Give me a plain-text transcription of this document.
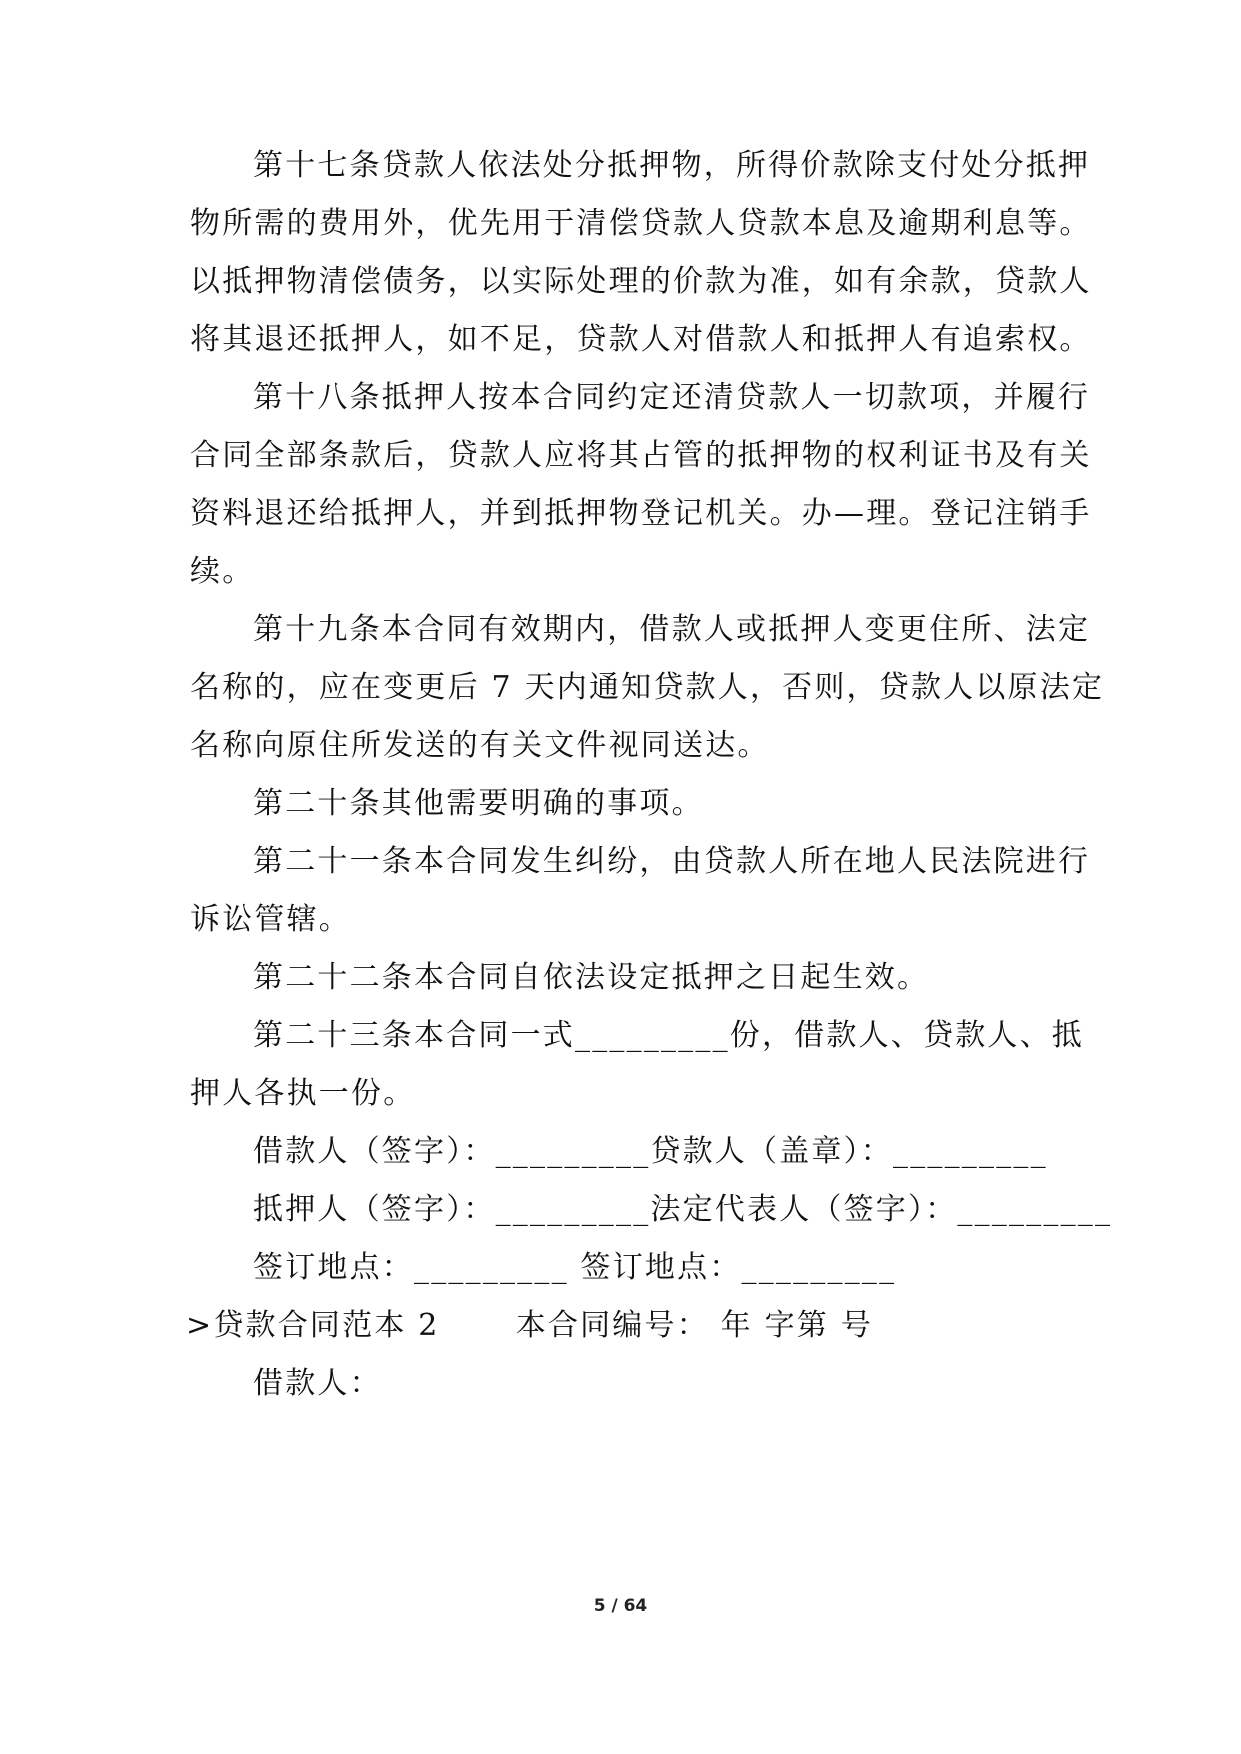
第十七条贷款人依法处分抵押物，所得价款除支付处分抵押
物所需的费用外，优先用于清偿贷款人贷款本息及逾期利息等。
以抵押物清偿债务，以实际处理的价款为准，如有余款，贷款人
将其退还抵押人，如不足，贷款人对借款人和抵押人有追索权。
第十八条抵押人按本合同约定还清贷款人一切款项，并履行
合同全部条款后，贷款人应将其占管的抵押物的权利证书及有关
资料退还给抵押人，并到抵押物登记机关。办—理。登记注销手
续。
第十九条本合同有效期内，借款人或抵押人变更住所、法定
名称的，应在变更后 7 天内通知贷款人，否则，贷款人以原法定
名称向原住所发送的有关文件视同送达。
第二十条其他需要明确的事项。
第二十一条本合同发生纠纷，由贷款人所在地人民法院进行
诉讼管辖。
第二十二条本合同自依法设定抵押之日起生效。
第二十三条本合同一式_________份，借款人、贷款人、抵
押人各执一份。
借款人（签字）：_________贷款人（盖章）：_________
抵押人（签字）：_________法定代表人（签字）：_________
签订地点：_________ 签订地点：_________
>贷款合同范本 2　　 本合同编号： 年 字第 号
借款人：
5 / 64
